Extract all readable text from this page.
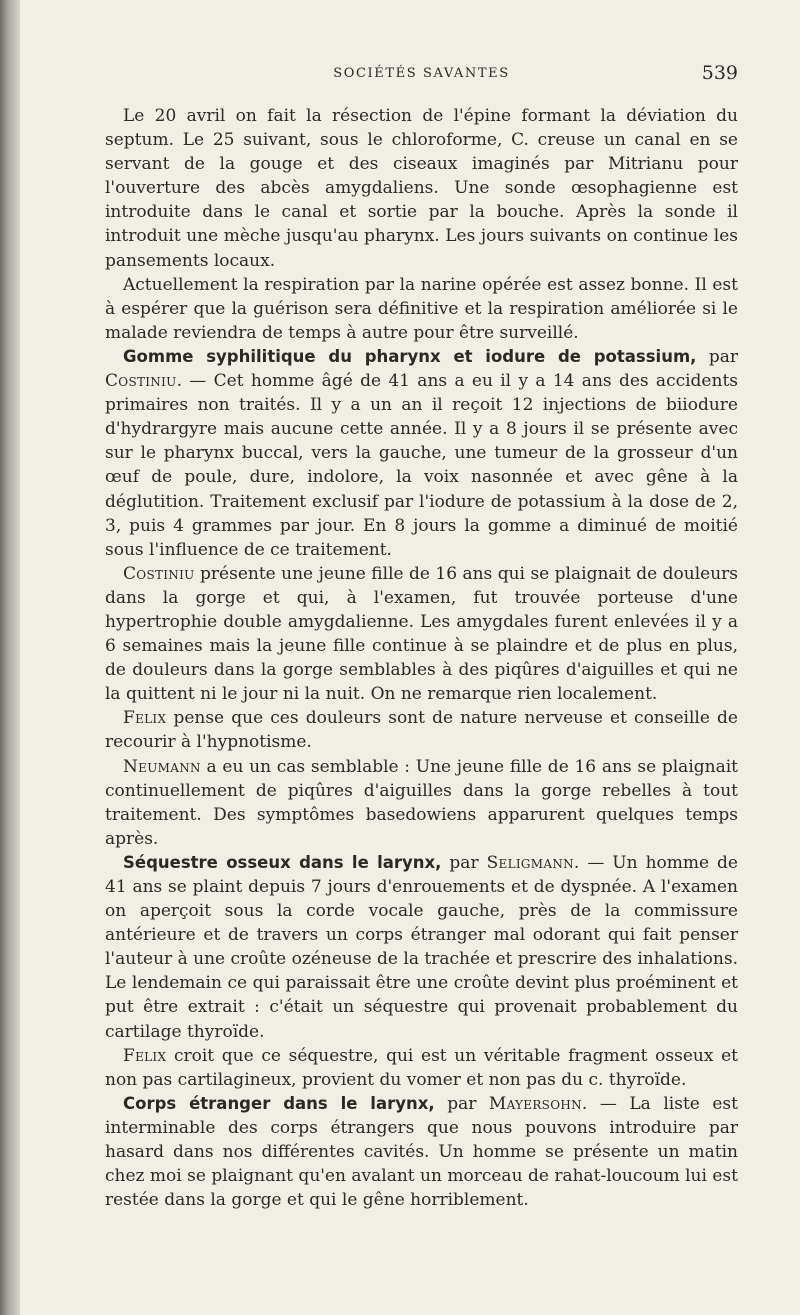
SOCIÉTÉS SAVANTES	539

Le 20 avril on fait la résection de l'épine formant la déviation du septum. Le 25 suivant, sous le chloroforme, C. creuse un canal en se servant de la gouge et des ciseaux imaginés par Mitrianu pour l'ouverture des abcès amygdaliens. Une sonde œsophagienne est introduite dans le canal et sortie par la bouche. Après la sonde il introduit une mèche jusqu'au pharynx. Les jours suivants on continue les pansements locaux.

Actuellement la respiration par la narine opérée est assez bonne. Il est à espérer que la guérison sera définitive et la respiration améliorée si le malade reviendra de temps à autre pour être surveillé.

Gomme syphilitique du pharynx et iodure de potassium, par Costiniu. — Cet homme âgé de 41 ans a eu il y a 14 ans des accidents primaires non traités. Il y a un an il reçoit 12 injections de biiodure d'hydrargyre mais aucune cette année. Il y a 8 jours il se présente avec sur le pharynx buccal, vers la gauche, une tumeur de la grosseur d'un œuf de poule, dure, indolore, la voix nasonnée et avec gêne à la déglutition. Traitement exclusif par l'iodure de potassium à la dose de 2, 3, puis 4 grammes par jour. En 8 jours la gomme a diminué de moitié sous l'influence de ce traitement.

Costiniu présente une jeune fille de 16 ans qui se plaignait de douleurs dans la gorge et qui, à l'examen, fut trouvée porteuse d'une hypertrophie double amygdalienne. Les amygdales furent enlevées il y a 6 semaines mais la jeune fille continue à se plaindre et de plus en plus, de douleurs dans la gorge semblables à des piqûres d'aiguilles et qui ne la quittent ni le jour ni la nuit. On ne remarque rien localement.

Felix pense que ces douleurs sont de nature nerveuse et conseille de recourir à l'hypnotisme.

Neumann a eu un cas semblable : Une jeune fille de 16 ans se plaignait continuellement de piqûres d'aiguilles dans la gorge rebelles à tout traitement. Des symptômes basedowiens apparurent quelques temps après.

Séquestre osseux dans le larynx, par Seligmann. — Un homme de 41 ans se plaint depuis 7 jours d'enrouements et de dyspnée. A l'examen on aperçoit sous la corde vocale gauche, près de la commissure antérieure et de travers un corps étranger mal odorant qui fait penser l'auteur à une croûte ozéneuse de la trachée et prescrire des inhalations. Le lendemain ce qui paraissait être une croûte devint plus proéminent et put être extrait : c'était un séquestre qui provenait probablement du cartilage thyroïde.

Felix croit que ce séquestre, qui est un véritable fragment osseux et non pas cartilagineux, provient du vomer et non pas du c. thyroïde.

Corps étranger dans le larynx, par Mayersohn. — La liste est interminable des corps étrangers que nous pouvons introduire par hasard dans nos différentes cavités. Un homme se présente un matin chez moi se plaignant qu'en avalant un morceau de rahat-loucoum lui est restée dans la gorge et qui le gêne horriblement.
